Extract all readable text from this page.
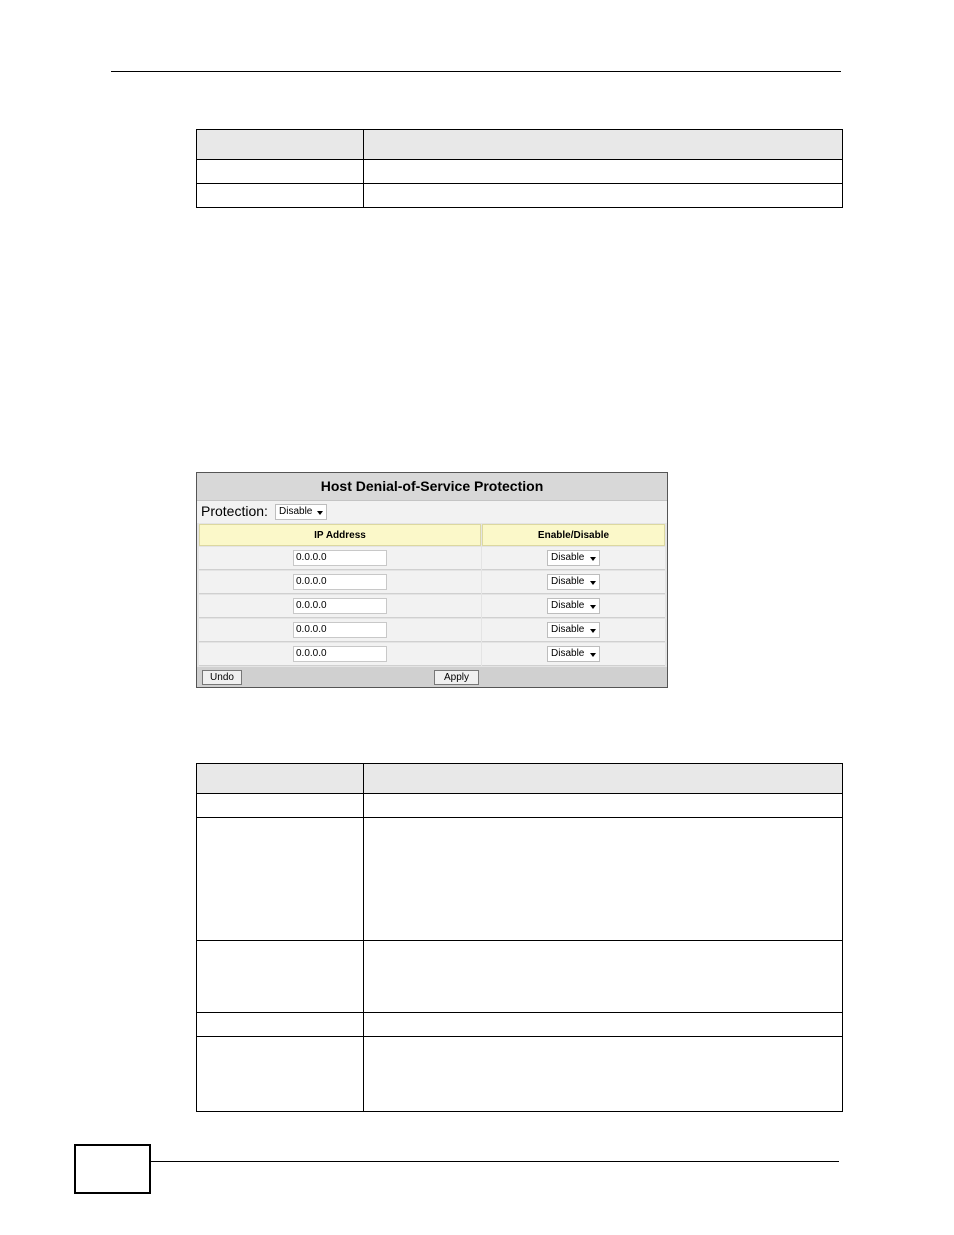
Host Denial-of-Service Protection
Protection:	Disable
IP Address	Enable/Disable
0.0.0.0	Disable
0.0.0.0	Disable
0.0.0.0	Disable
0.0.0.0	Disable
0.0.0.0	Disable
Undo	Apply
